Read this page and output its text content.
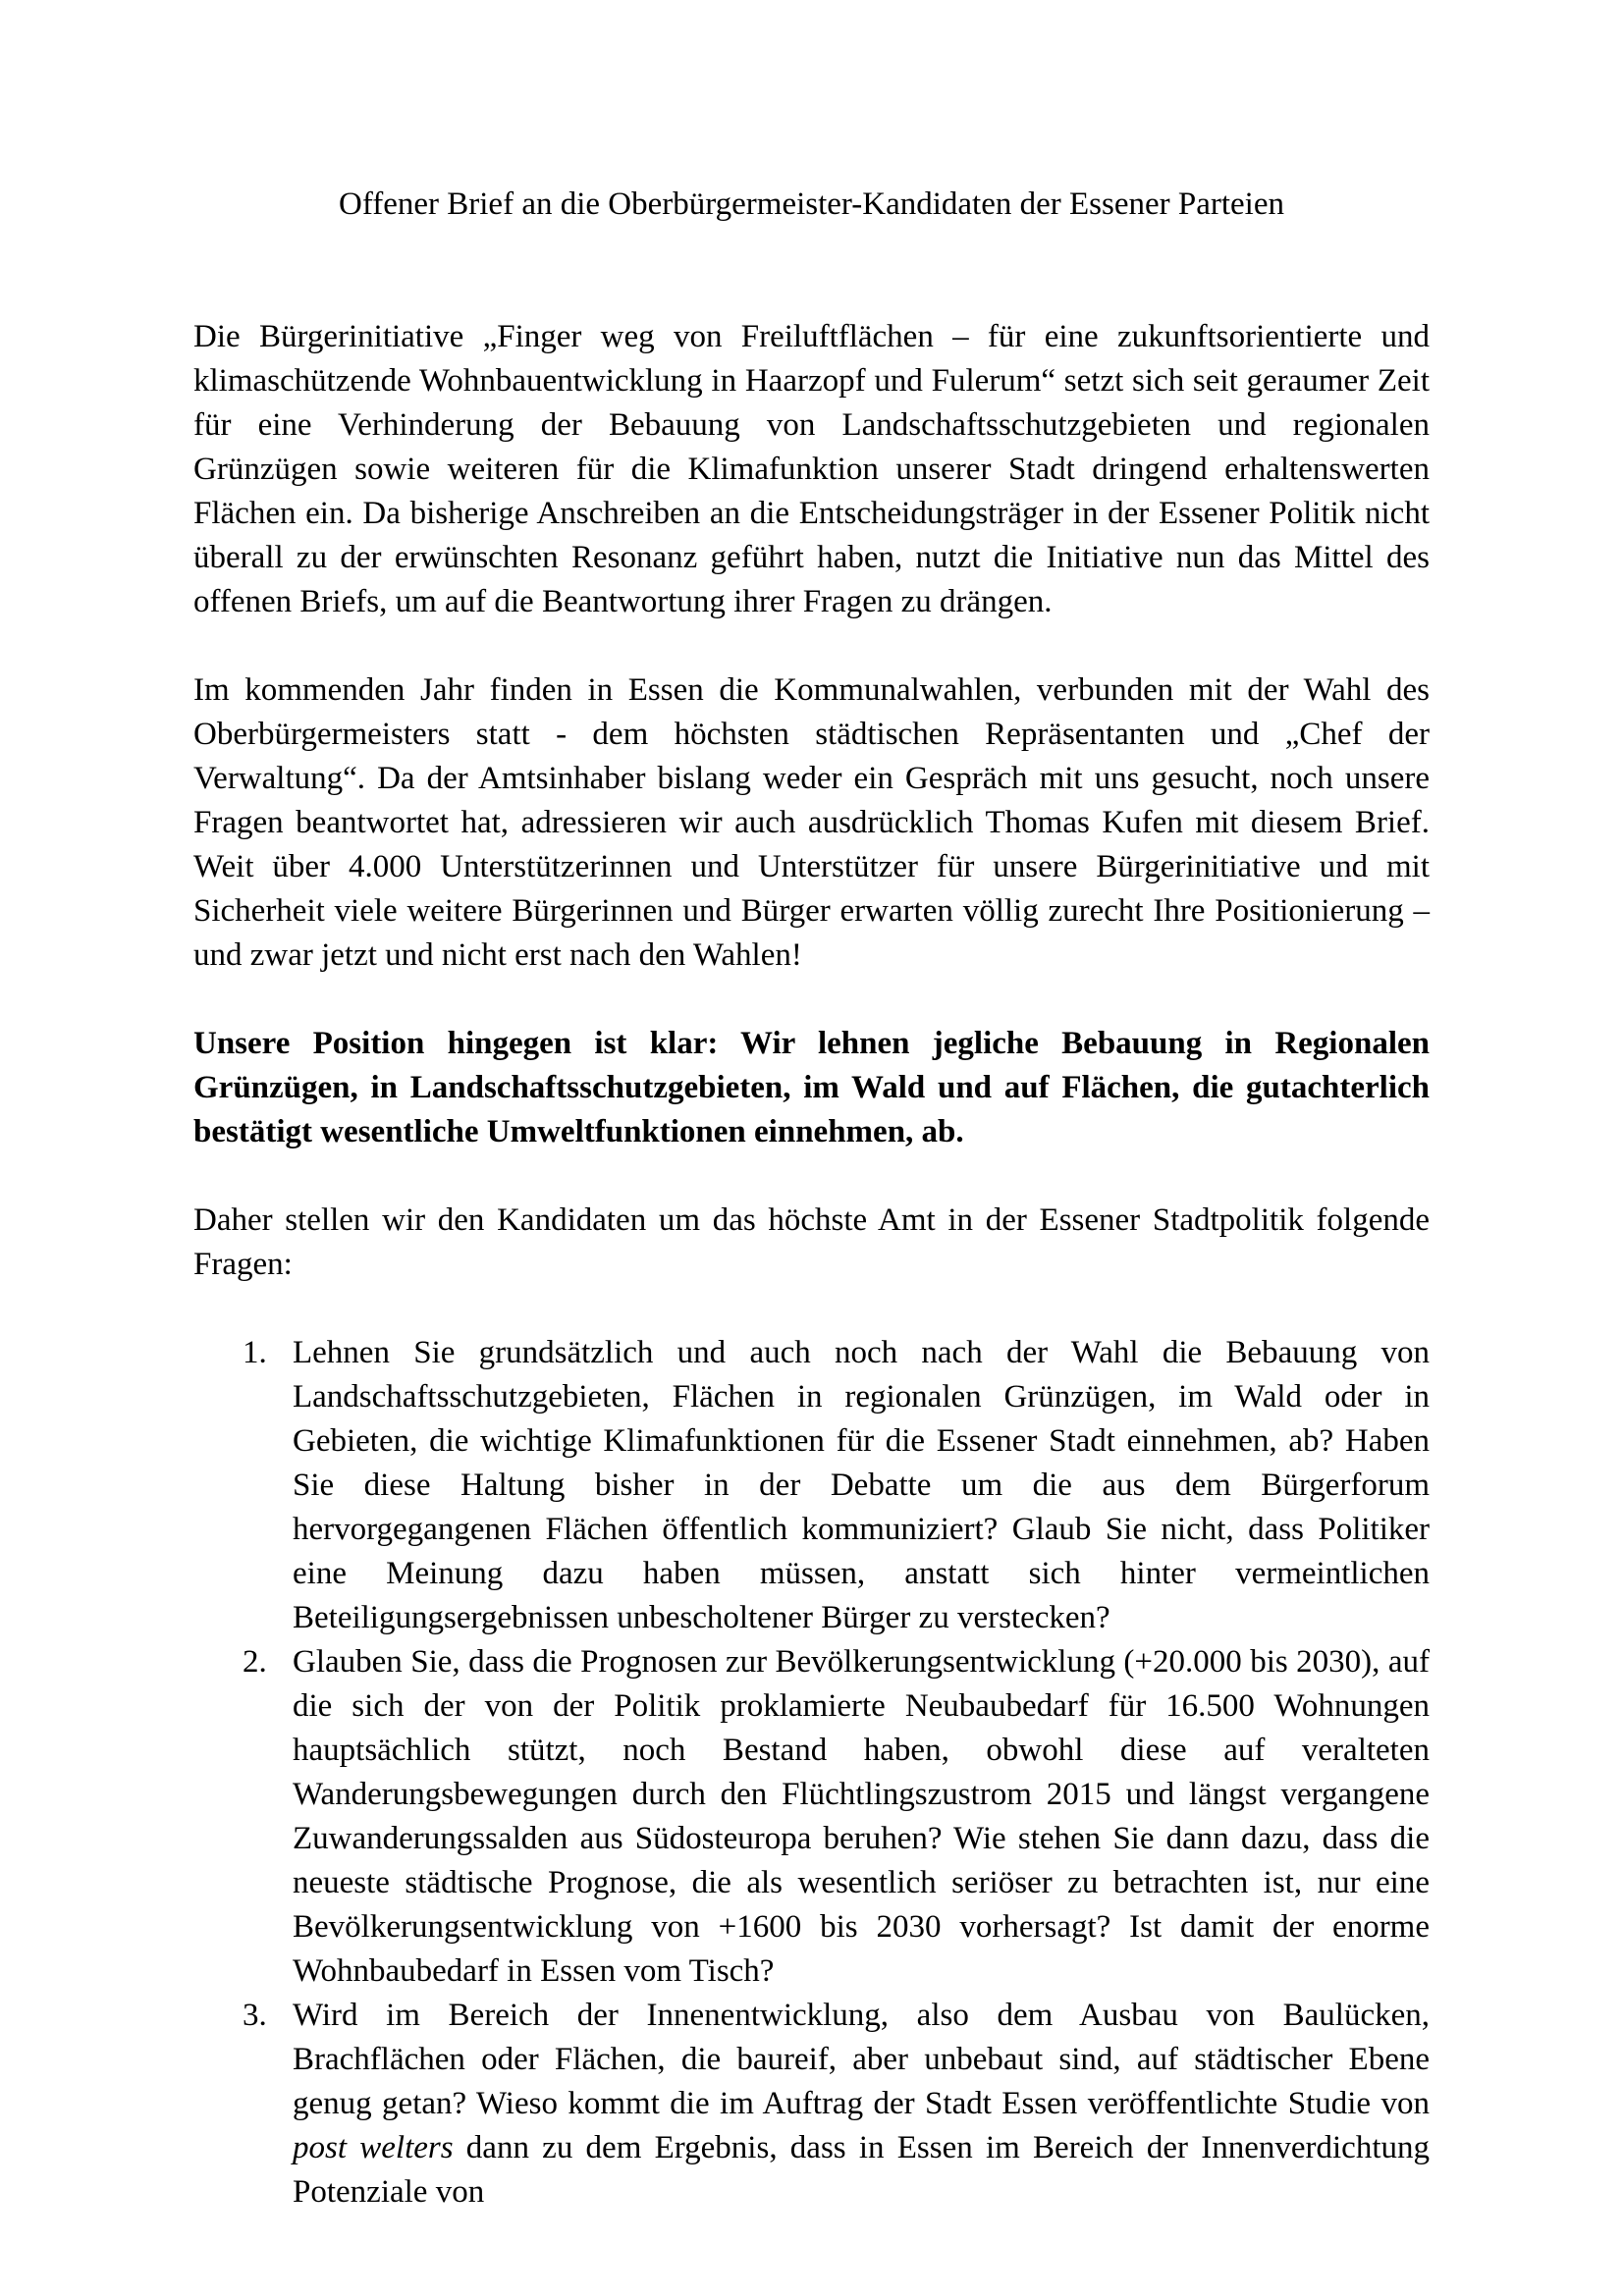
Offener Brief an die Oberbürgermeister-Kandidaten der Essener Parteien

Die Bürgerinitiative „Finger weg von Freiluftflächen – für eine zukunftsorientierte und klimaschützende Wohnbauentwicklung in Haarzopf und Fulerum“ setzt sich seit geraumer Zeit für eine Verhinderung der Bebauung von Landschaftsschutzgebieten und regionalen Grünzügen sowie weiteren für die Klimafunktion unserer Stadt dringend erhaltenswerten Flächen ein. Da bisherige Anschreiben an die Entscheidungsträger in der Essener Politik nicht überall zu der erwünschten Resonanz geführt haben, nutzt die Initiative nun das Mittel des offenen Briefs, um auf die Beantwortung ihrer Fragen zu drängen.

Im kommenden Jahr finden in Essen die Kommunalwahlen, verbunden mit der Wahl des Oberbürgermeisters statt - dem höchsten städtischen Repräsentanten und „Chef der Verwaltung“. Da der Amtsinhaber bislang weder ein Gespräch mit uns gesucht, noch unsere Fragen beantwortet hat, adressieren wir auch ausdrücklich Thomas Kufen mit diesem Brief. Weit über 4.000 Unterstützerinnen und Unterstützer für unsere Bürgerinitiative und mit Sicherheit viele weitere Bürgerinnen und Bürger erwarten völlig zurecht Ihre Positionierung – und zwar jetzt und nicht erst nach den Wahlen!

Unsere Position hingegen ist klar: Wir lehnen jegliche Bebauung in Regionalen Grünzügen, in Landschaftsschutzgebieten, im Wald und auf Flächen, die gutachterlich bestätigt wesentliche Umweltfunktionen einnehmen, ab.

Daher stellen wir den Kandidaten um das höchste Amt in der Essener Stadtpolitik folgende Fragen:

1. Lehnen Sie grundsätzlich und auch noch nach der Wahl die Bebauung von Landschaftsschutzgebieten, Flächen in regionalen Grünzügen, im Wald oder in Gebieten, die wichtige Klimafunktionen für die Essener Stadt einnehmen, ab? Haben Sie diese Haltung bisher in der Debatte um die aus dem Bürgerforum hervorgegangenen Flächen öffentlich kommuniziert? Glaub Sie nicht, dass Politiker eine Meinung dazu haben müssen, anstatt sich hinter vermeintlichen Beteiligungsergebnissen unbescholtener Bürger zu verstecken?
2. Glauben Sie, dass die Prognosen zur Bevölkerungsentwicklung (+20.000 bis 2030), auf die sich der von der Politik proklamierte Neubaubedarf für 16.500 Wohnungen hauptsächlich stützt, noch Bestand haben, obwohl diese auf veralteten Wanderungsbewegungen durch den Flüchtlingszustrom 2015 und längst vergangene Zuwanderungssalden aus Südosteuropa beruhen? Wie stehen Sie dann dazu, dass die neueste städtische Prognose, die als wesentlich seriöser zu betrachten ist, nur eine Bevölkerungsentwicklung von +1600 bis 2030 vorhersagt? Ist damit der enorme Wohnbaubedarf in Essen vom Tisch?
3. Wird im Bereich der Innenentwicklung, also dem Ausbau von Baulücken, Brachflächen oder Flächen, die baureif, aber unbebaut sind, auf städtischer Ebene genug getan? Wieso kommt die im Auftrag der Stadt Essen veröffentlichte Studie von post welters dann zu dem Ergebnis, dass in Essen im Bereich der Innenverdichtung Potenziale von
